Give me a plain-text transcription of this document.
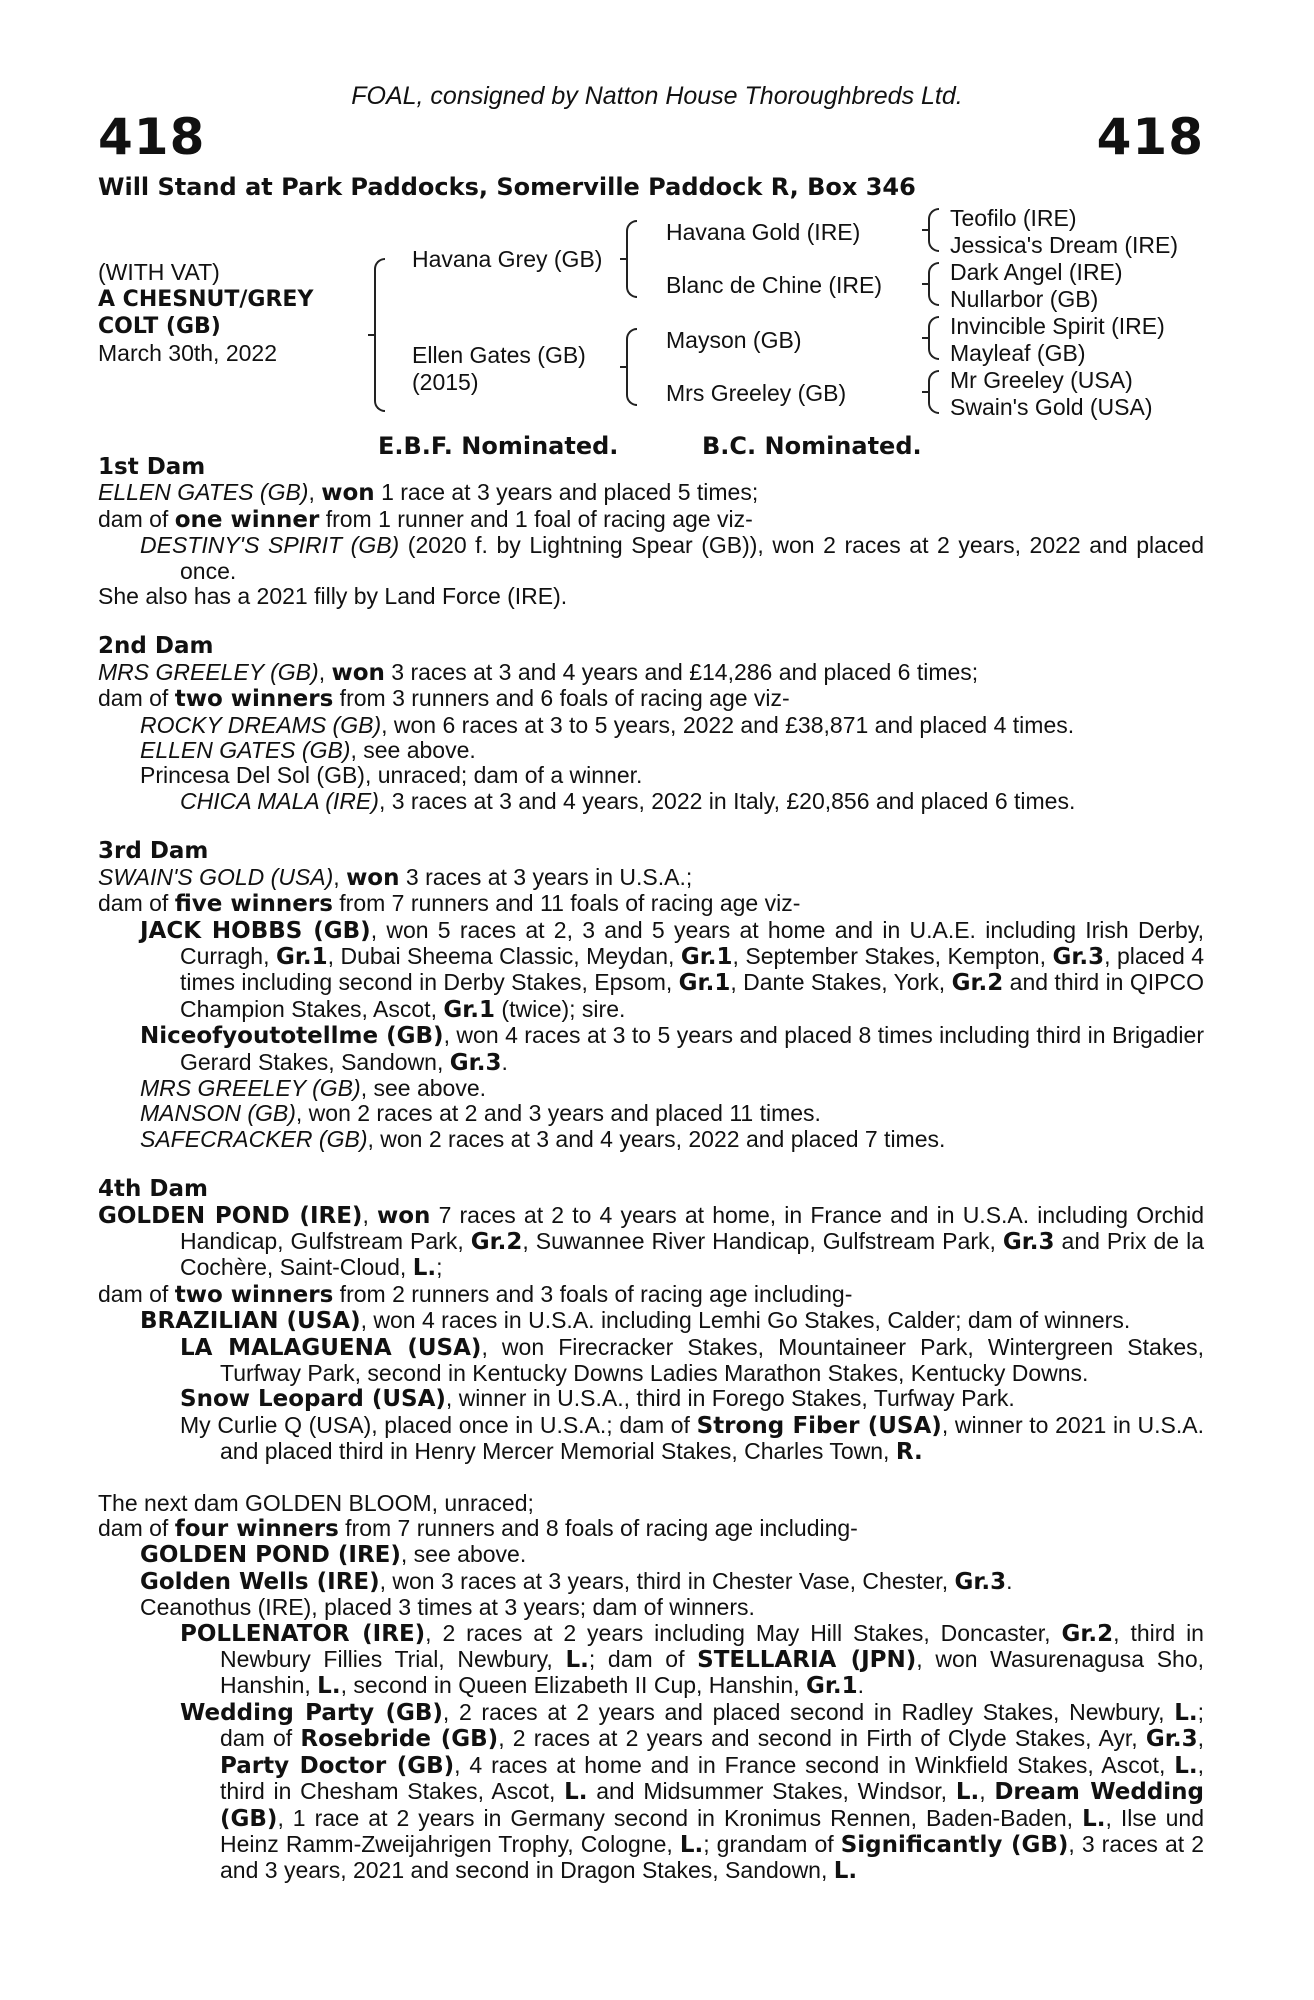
FOAL, consigned by Natton House Thoroughbreds Ltd.
418	418
Will Stand at Park Paddocks, Somerville Paddock R, Box 346
(WITH VAT)
A CHESNUT/GREY
COLT (GB)
March 30th, 2022
Havana Grey (GB)
Ellen Gates (GB)
(2015)
Havana Gold (IRE)
Blanc de Chine (IRE)
Mayson (GB)
Mrs Greeley (GB)
Teofilo (IRE)
Jessica's Dream (IRE)
Dark Angel (IRE)
Nullarbor (GB)
Invincible Spirit (IRE)
Mayleaf (GB)
Mr Greeley (USA)
Swain's Gold (USA)
E.B.F. Nominated.	B.C. Nominated.
1st Dam
ELLEN GATES (GB), won 1 race at 3 years and placed 5 times;
dam of one winner from 1 runner and 1 foal of racing age viz-
DESTINY'S SPIRIT (GB) (2020 f. by Lightning Spear (GB)), won 2 races at 2 years, 2022 and placed once.
She also has a 2021 filly by Land Force (IRE).
2nd Dam
MRS GREELEY (GB), won 3 races at 3 and 4 years and £14,286 and placed 6 times;
dam of two winners from 3 runners and 6 foals of racing age viz-
ROCKY DREAMS (GB), won 6 races at 3 to 5 years, 2022 and £38,871 and placed 4 times.
ELLEN GATES (GB), see above.
Princesa Del Sol (GB), unraced; dam of a winner.
CHICA MALA (IRE), 3 races at 3 and 4 years, 2022 in Italy, £20,856 and placed 6 times.
3rd Dam
SWAIN'S GOLD (USA), won 3 races at 3 years in U.S.A.;
dam of five winners from 7 runners and 11 foals of racing age viz-
JACK HOBBS (GB), won 5 races at 2, 3 and 5 years at home and in U.A.E. including Irish Derby, Curragh, Gr.1, Dubai Sheema Classic, Meydan, Gr.1, September Stakes, Kempton, Gr.3, placed 4 times including second in Derby Stakes, Epsom, Gr.1, Dante Stakes, York, Gr.2 and third in QIPCO Champion Stakes, Ascot, Gr.1 (twice); sire.
Niceofyoutotellme (GB), won 4 races at 3 to 5 years and placed 8 times including third in Brigadier Gerard Stakes, Sandown, Gr.3.
MRS GREELEY (GB), see above.
MANSON (GB), won 2 races at 2 and 3 years and placed 11 times.
SAFECRACKER (GB), won 2 races at 3 and 4 years, 2022 and placed 7 times.
4th Dam
GOLDEN POND (IRE), won 7 races at 2 to 4 years at home, in France and in U.S.A. including Orchid Handicap, Gulfstream Park, Gr.2, Suwannee River Handicap, Gulfstream Park, Gr.3 and Prix de la Cochère, Saint-Cloud, L.;
dam of two winners from 2 runners and 3 foals of racing age including-
BRAZILIAN (USA), won 4 races in U.S.A. including Lemhi Go Stakes, Calder; dam of winners.
LA MALAGUENA (USA), won Firecracker Stakes, Mountaineer Park, Wintergreen Stakes, Turfway Park, second in Kentucky Downs Ladies Marathon Stakes, Kentucky Downs.
Snow Leopard (USA), winner in U.S.A., third in Forego Stakes, Turfway Park.
My Curlie Q (USA), placed once in U.S.A.; dam of Strong Fiber (USA), winner to 2021 in U.S.A. and placed third in Henry Mercer Memorial Stakes, Charles Town, R.
The next dam GOLDEN BLOOM, unraced;
dam of four winners from 7 runners and 8 foals of racing age including-
GOLDEN POND (IRE), see above.
Golden Wells (IRE), won 3 races at 3 years, third in Chester Vase, Chester, Gr.3.
Ceanothus (IRE), placed 3 times at 3 years; dam of winners.
POLLENATOR (IRE), 2 races at 2 years including May Hill Stakes, Doncaster, Gr.2, third in Newbury Fillies Trial, Newbury, L.; dam of STELLARIA (JPN), won Wasurenagusa Sho, Hanshin, L., second in Queen Elizabeth II Cup, Hanshin, Gr.1.
Wedding Party (GB), 2 races at 2 years and placed second in Radley Stakes, Newbury, L.; dam of Rosebride (GB), 2 races at 2 years and second in Firth of Clyde Stakes, Ayr, Gr.3, Party Doctor (GB), 4 races at home and in France second in Winkfield Stakes, Ascot, L., third in Chesham Stakes, Ascot, L. and Midsummer Stakes, Windsor, L., Dream Wedding (GB), 1 race at 2 years in Germany second in Kronimus Rennen, Baden-Baden, L., Ilse und Heinz Ramm-Zweijahrigen Trophy, Cologne, L.; grandam of Significantly (GB), 3 races at 2 and 3 years, 2021 and second in Dragon Stakes, Sandown, L.
